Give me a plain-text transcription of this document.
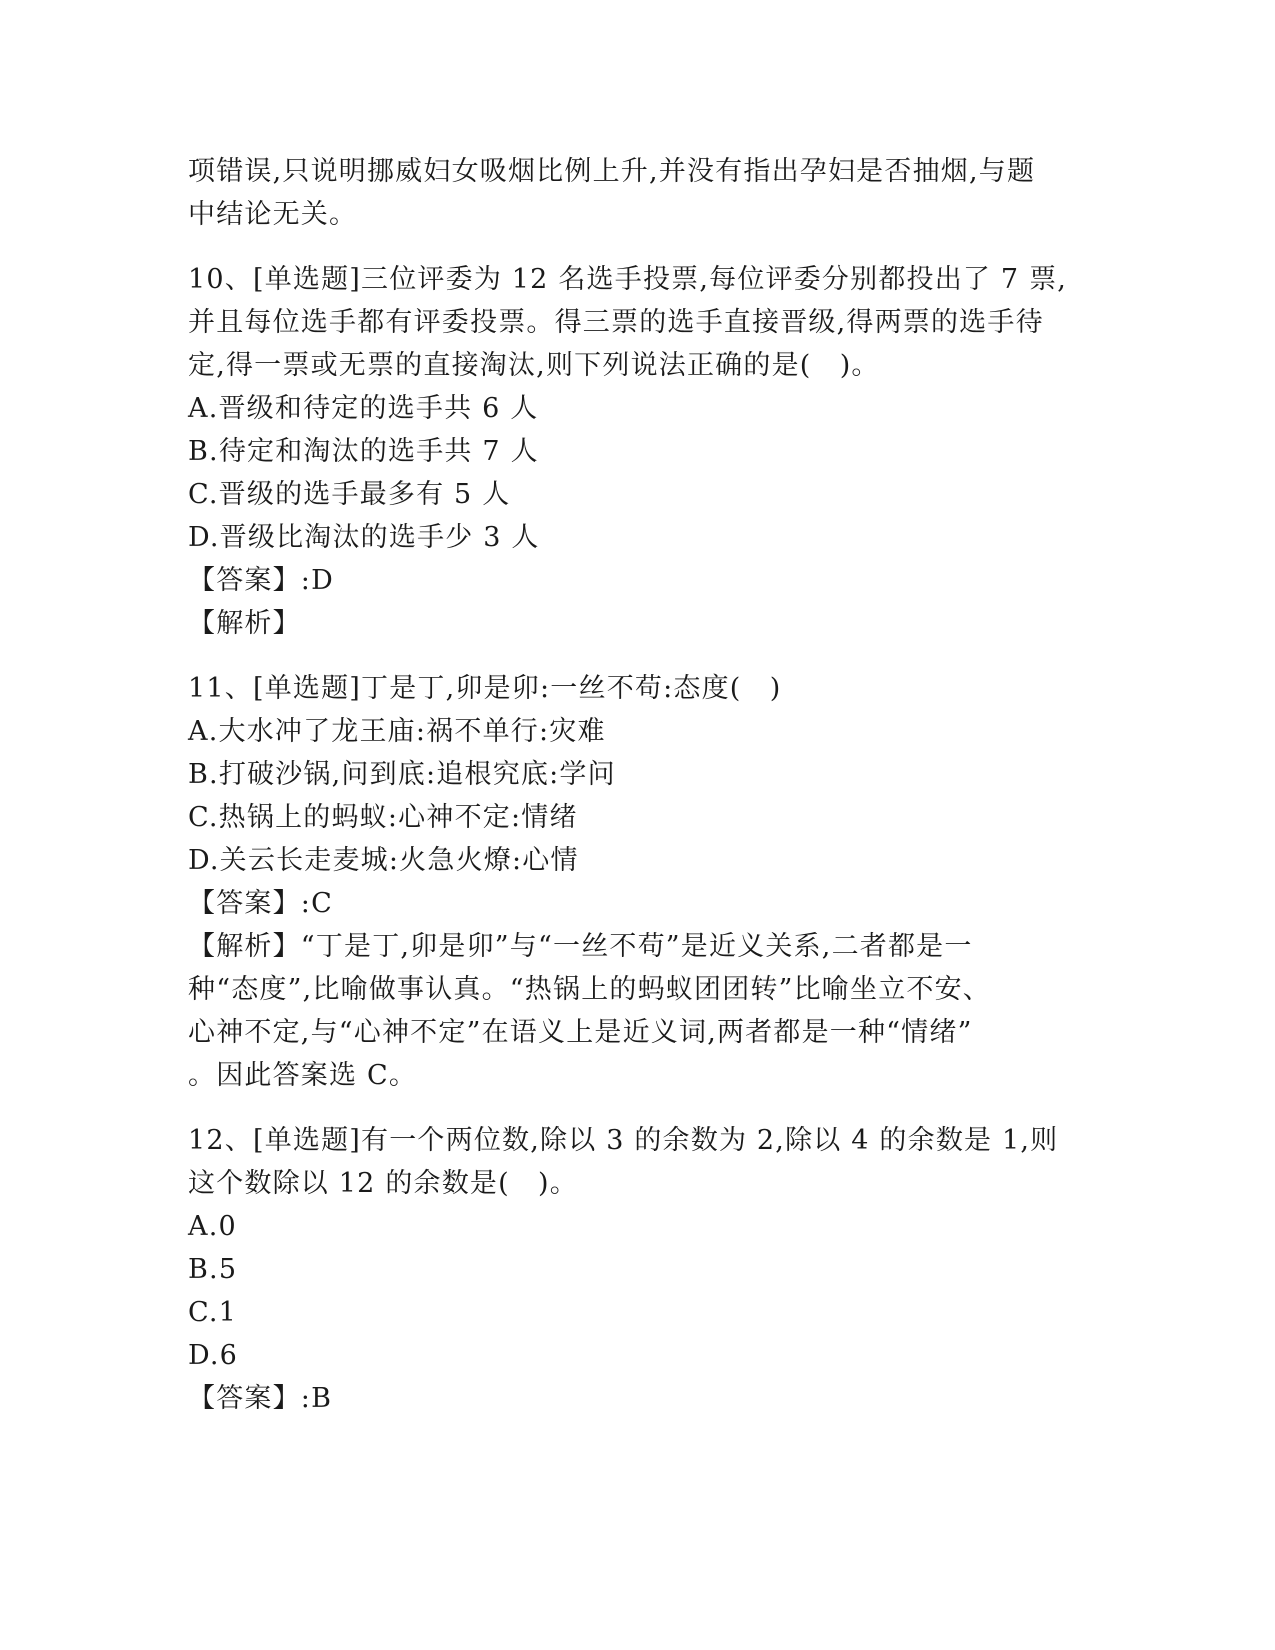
项错误,只说明挪威妇女吸烟比例上升,并没有指出孕妇是否抽烟,与题
中结论无关。
10、[单选题]三位评委为 12 名选手投票,每位评委分别都投出了 7 票,
并且每位选手都有评委投票。得三票的选手直接晋级,得两票的选手待
定,得一票或无票的直接淘汰,则下列说法正确的是(　)。
A.晋级和待定的选手共 6 人
B.待定和淘汰的选手共 7 人
C.晋级的选手最多有 5 人
D.晋级比淘汰的选手少 3 人
【答案】:D
【解析】
11、[单选题]丁是丁,卯是卯:一丝不苟:态度(　)
A.大水冲了龙王庙:祸不单行:灾难
B.打破沙锅,问到底:追根究底:学问
C.热锅上的蚂蚁:心神不定:情绪
D.关云长走麦城:火急火燎:心情
【答案】:C
【解析】“丁是丁,卯是卯”与“一丝不苟”是近义关系,二者都是一
种“态度”,比喻做事认真。“热锅上的蚂蚁团团转”比喻坐立不安、
心神不定,与“心神不定”在语义上是近义词,两者都是一种“情绪”
。因此答案选 C。
12、[单选题]有一个两位数,除以 3 的余数为 2,除以 4 的余数是 1,则
这个数除以 12 的余数是(　)。
A.0
B.5
C.1
D.6
【答案】:B
